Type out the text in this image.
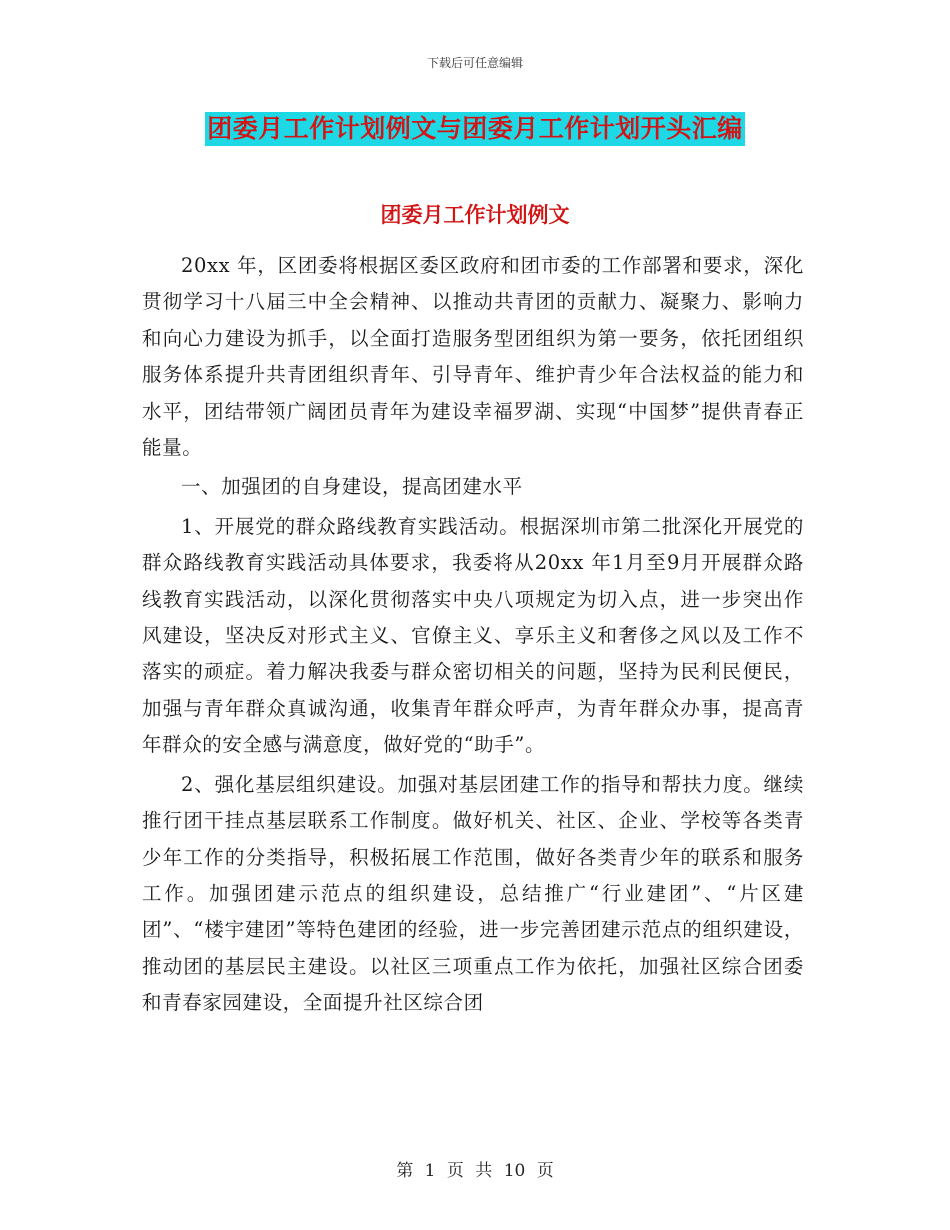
下载后可任意编辑
团委月工作计划例文与团委月工作计划开头汇编
团委月工作计划例文

20xx 年，区团委将根据区委区政府和团市委的工作部署和要求，深化贯彻学习十八届三中全会精神、以推动共青团的贡献力、凝聚力、影响力和向心力建设为抓手，以全面打造服务型团组织为第一要务，依托团组织服务体系提升共青团组织青年、引导青年、维护青少年合法权益的能力和水平，团结带领广阔团员青年为建设幸福罗湖、实现“中国梦”提供青春正能量。

一、加强团的自身建设，提高团建水平

1、开展党的群众路线教育实践活动。根据深圳市第二批深化开展党的群众路线教育实践活动具体要求，我委将从20xx 年1月至9月开展群众路线教育实践活动，以深化贯彻落实中央八项规定为切入点，进一步突出作风建设，坚决反对形式主义、官僚主义、享乐主义和奢侈之风以及工作不落实的顽症。着力解决我委与群众密切相关的问题，坚持为民利民便民，加强与青年群众真诚沟通，收集青年群众呼声，为青年群众办事，提高青年群众的安全感与满意度，做好党的“助手”。

2、强化基层组织建设。加强对基层团建工作的指导和帮扶力度。继续推行团干挂点基层联系工作制度。做好机关、社区、企业、学校等各类青少年工作的分类指导，积极拓展工作范围，做好各类青少年的联系和服务工作。加强团建示范点的组织建设，总结推广“行业建团”、“片区建团”、“楼宇建团”等特色建团的经验，进一步完善团建示范点的组织建设，推动团的基层民主建设。以社区三项重点工作为依托，加强社区综合团委和青春家园建设，全面提升社区综合团

第 1 页 共 10 页
